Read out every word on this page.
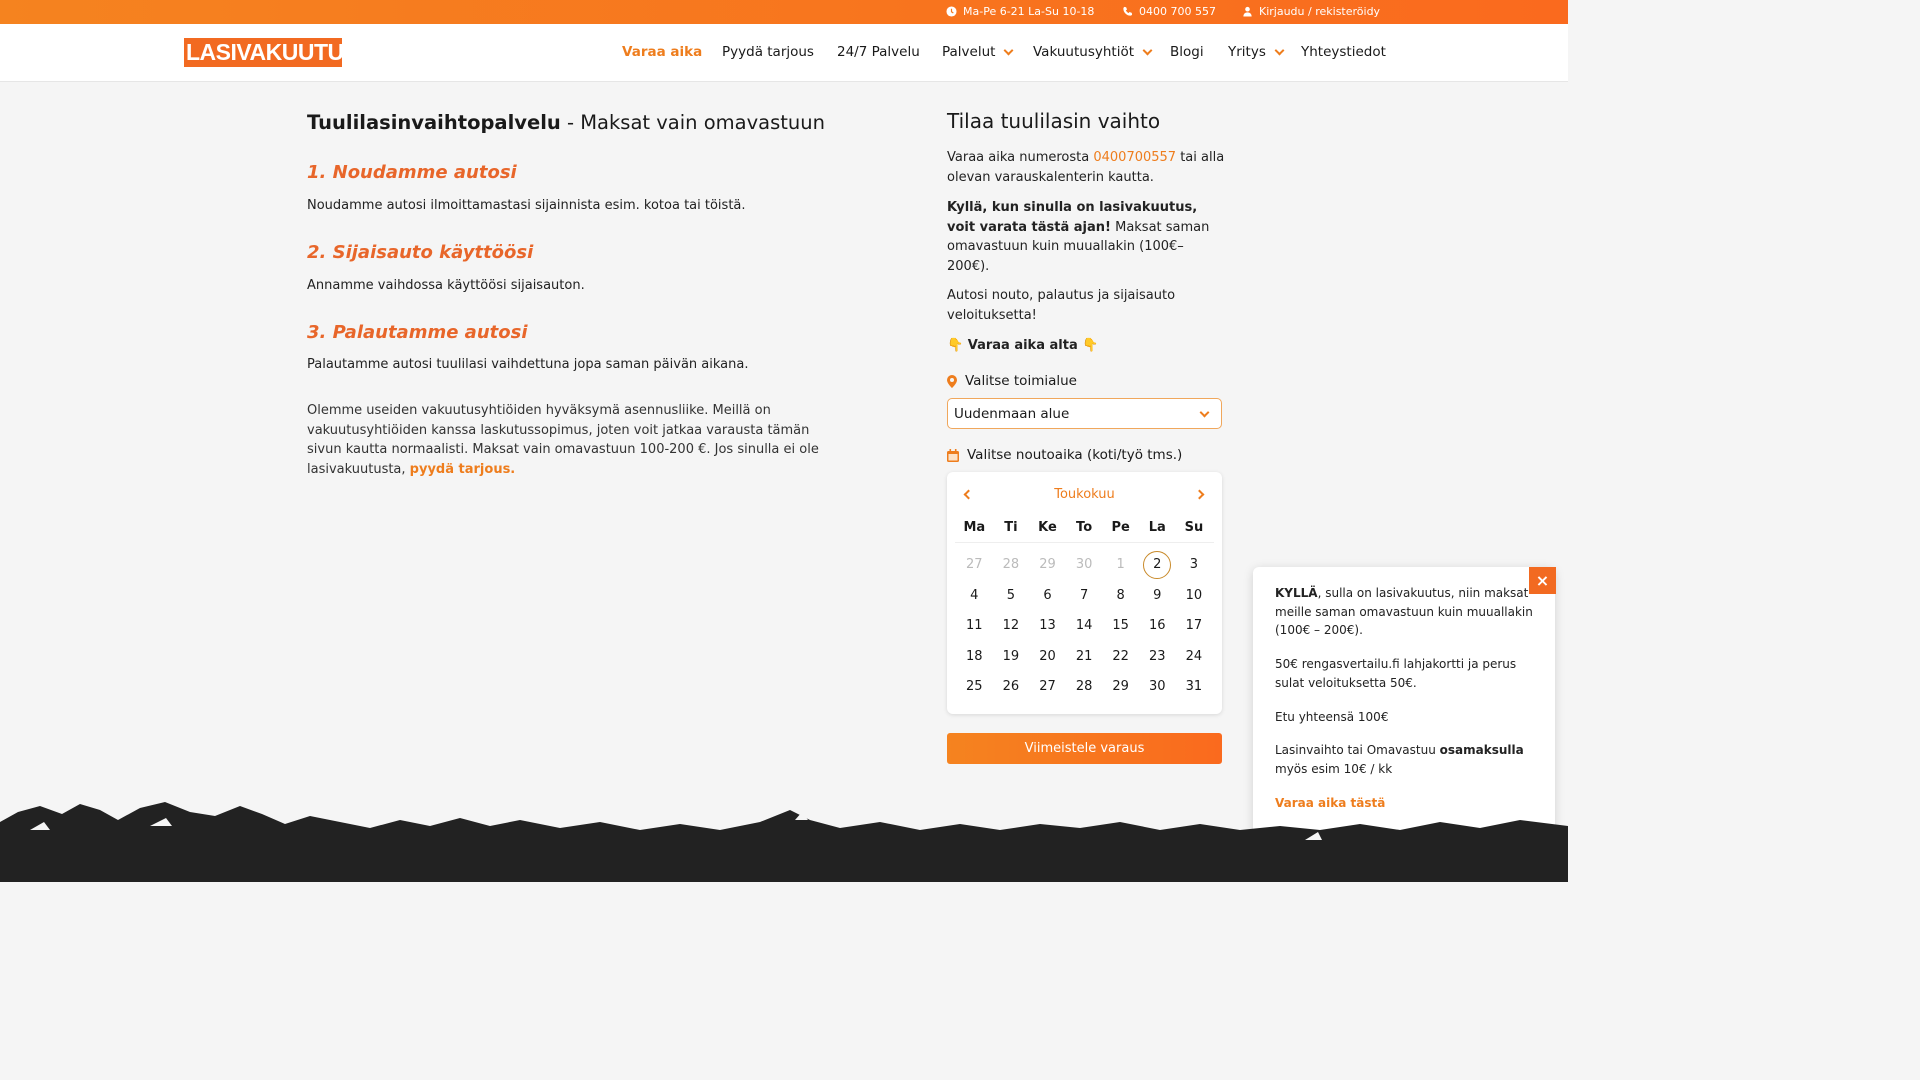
Ma-Pe 6-21 La-Su 10-18	0400 700 557	Kirjaudu / rekisteröidy
LASIVAKUUTUS.FI	Varaa aika Pyydä tarjous 24/7 Palvelu Palvelut	Vakuutusyhtiöt	Blogi Yritys	Yhteystiedot
Tuulilasinvaihtopalvelu - Maksat vain omavastuun
1. Noudamme autosi
Noudamme autosi ilmoittamastasi sijainnista esim. kotoa tai töistä.
2. Sijaisauto käyttöösi
Annamme vaihdossa käyttöösi sijaisauton.
3. Palautamme autosi
Palautamme autosi tuulilasi vaihdettuna jopa saman päivän aikana.
Olemme useiden vakuutusyhtiöiden hyväksymä asennusliike. Meillä on vakuutusyhtiöiden kanssa laskutussopimus, joten voit jatkaa varausta tämän sivun kautta normaalisti. Maksat vain omavastuun 100-200 €. Jos sinulla ei ole lasivakuutusta, pyydä tarjous.
Tilaa tuulilasin vaihto
Varaa aika numerosta 0400700557 tai alla olevan varauskalenterin kautta.
Kyllä, kun sinulla on lasivakuutus, voit varata tästä ajan! Maksat saman omavastuun kuin muuallakin (100€–200€).
Autosi nouto, palautus ja sijaisauto veloituksetta!
👇 Varaa aika alta 👇
Valitse toimialue
Uudenmaan alue
Valitse noutoaika (koti/työ tms.)
Toukokuu
Ma	Ti	Ke	To	Pe	La	Su
27	28	29	30	1	2	3
4	5	6	7	8	9	10
11	12	13	14	15	16	17
18	19	20	21	22	23	24
25	26	27	28	29	30	31
Viimeistele varaus
×
KYLLÄ, sulla on lasivakuutus, niin maksat meille saman omavastuun kuin muuallakin (100€ – 200€).
50€ rengasvertailu.fi lahjakortti ja perus sulat veloituksetta 50€.
Etu yhteensä 100€
Lasinvaihto tai Omavastuu osamaksulla myös esim 10€ / kk
Varaa aika tästä
